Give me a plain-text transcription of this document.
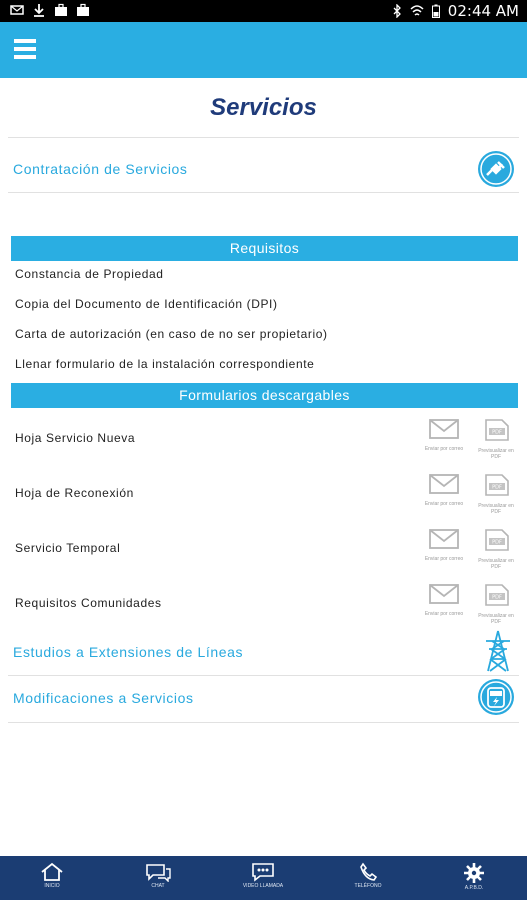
02:44 AM
Servicios
Contratación de Servicios
Requisitos
Constancia de Propiedad
Copia del Documento de Identificación (DPI)
Carta de autorización (en caso de no ser propietario)
Llenar formulario de la instalación correspondiente
Formularios descargables
Hoja Servicio Nueva
Enviar por correo
PDF
Previsualizar en PDF
Hoja de Reconexión
Enviar por correo
PDF
Previsualizar en PDF
Servicio Temporal
Enviar por correo
PDF
Previsualizar en PDF
Requisitos Comunidades
Enviar por correo
PDF
Previsualizar en PDF
Estudios a Extensiones de Líneas
Modificaciones a Servicios
INICIO	CHAT	VIDEO LLAMADA	TELÉFONO	A.P.B.D.
